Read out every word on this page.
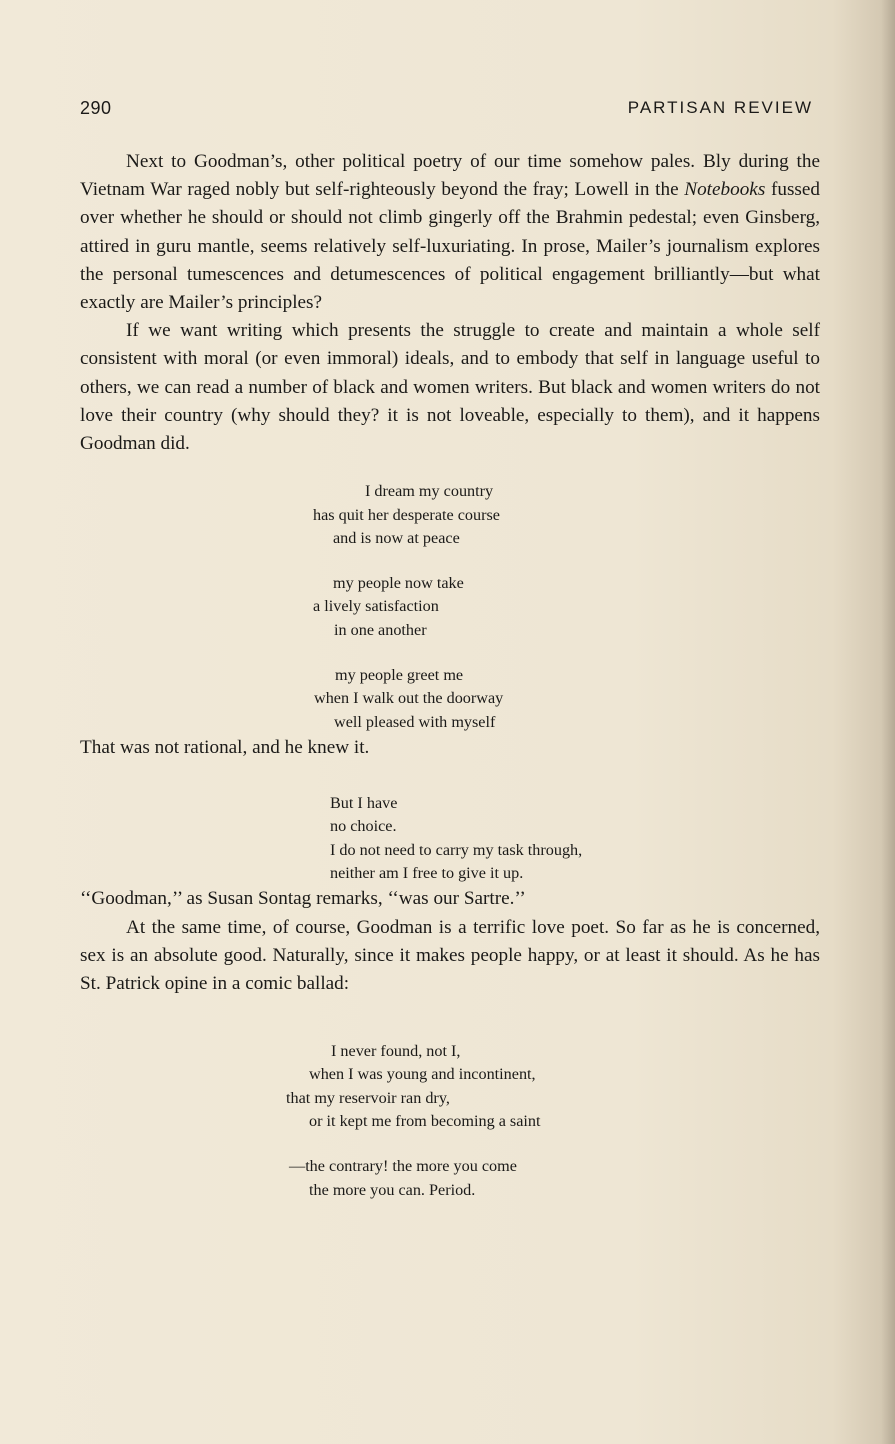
290	PARTISAN REVIEW

Next to Goodman’s, other political poetry of our time somehow pales. Bly during the Vietnam War raged nobly but self-righteously beyond the fray; Lowell in the Notebooks fussed over whether he should or should not climb gingerly off the Brahmin pedestal; even Ginsberg, attired in guru mantle, seems relatively self-luxuriating. In prose, Mailer’s journalism explores the personal tumescences and detumescences of political engagement brilliantly—but what exactly are Mailer’s principles?

If we want writing which presents the struggle to create and maintain a whole self consistent with moral (or even immoral) ideals, and to embody that self in language useful to others, we can read a number of black and women writers. But black and women writers do not love their country (why should they? it is not loveable, especially to them), and it happens Goodman did.

I dream my country
has quit her desperate course
and is now at peace
my people now take
a lively satisfaction
in one another
my people greet me
when I walk out the doorway
well pleased with myself

That was not rational, and he knew it.

But I have
no choice.
I do not need to carry my task through,
neither am I free to give it up.

‘‘Goodman,’’ as Susan Sontag remarks, ‘‘was our Sartre.’’

At the same time, of course, Goodman is a terrific love poet. So far as he is concerned, sex is an absolute good. Naturally, since it makes people happy, or at least it should. As he has St. Patrick opine in a comic ballad:

I never found, not I,
when I was young and incontinent,
that my reservoir ran dry,
or it kept me from becoming a saint
—the contrary! the more you come
the more you can. Period.
